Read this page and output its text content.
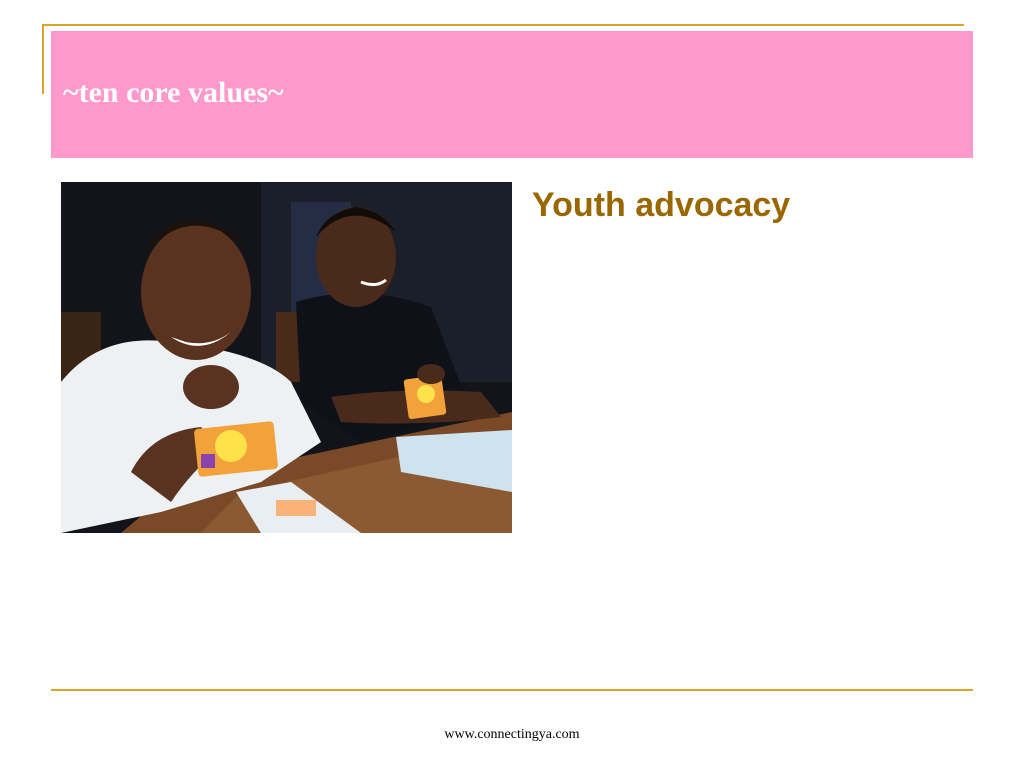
~ten core values~

Youth advocacy

www.connectingya.com
